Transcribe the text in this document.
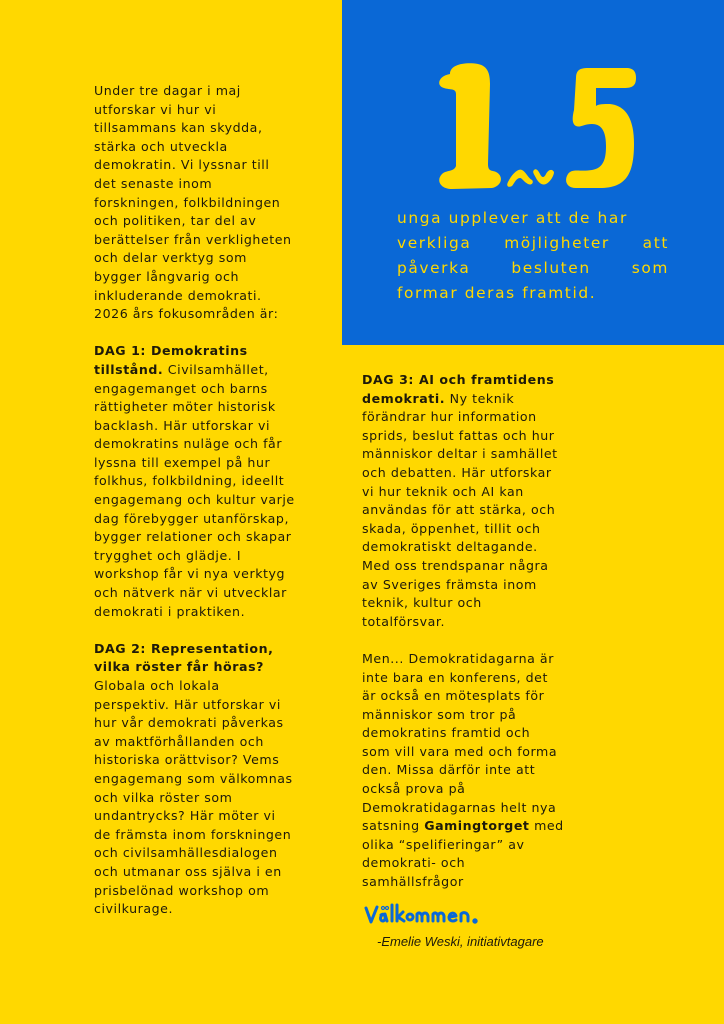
unga upplever att de har
verkliga möjligheter att
påverka	besluten	som
formar deras framtid.
Under tre dagar i maj
utforskar vi hur vi
tillsammans kan skydda,
stärka och utveckla
demokratin. Vi lyssnar till
det senaste inom
forskningen, folkbildningen
och politiken, tar del av
berättelser från verkligheten
och delar verktyg som
bygger långvarig och
inkluderande demokrati.
2026 års fokusområden är:
DAG 1: Demokratins
tillstånd. Civilsamhället,
engagemanget och barns
rättigheter möter historisk
backlash. Här utforskar vi
demokratins nuläge och får
lyssna till exempel på hur
folkhus, folkbildning, ideellt
engagemang och kultur varje
dag förebygger utanförskap,
bygger relationer och skapar
trygghet och glädje. I
workshop får vi nya verktyg
och nätverk när vi utvecklar
demokrati i praktiken.
DAG 2: Representation,
vilka röster får höras?
Globala och lokala
perspektiv. Här utforskar vi
hur vår demokrati påverkas
av maktförhållanden och
historiska orättvisor? Vems
engagemang som välkomnas
och vilka röster som
undantrycks? Här möter vi
de främsta inom forskningen
och civilsamhällesdialogen
och utmanar oss själva i en
prisbelönad workshop om
civilkurage.
DAG 3: AI och framtidens
demokrati. Ny teknik
förändrar hur information
sprids, beslut fattas och hur
människor deltar i samhället
och debatten. Här utforskar
vi hur teknik och AI kan
användas för att stärka, och
skada, öppenhet, tillit och
demokratiskt deltagande.
Med oss trendspanar några
av Sveriges främsta inom
teknik, kultur och
totalförsvar.
Men... Demokratidagarna är
inte bara en konferens, det
är också en mötesplats för
människor som tror på
demokratins framtid och
som vill vara med och forma
den. Missa därför inte att
också prova på
Demokratidagarnas helt nya
satsning Gamingtorget med
olika “spelifieringar” av
demokrati- och
samhällsfrågor
-Emelie Weski, initiativtagare
